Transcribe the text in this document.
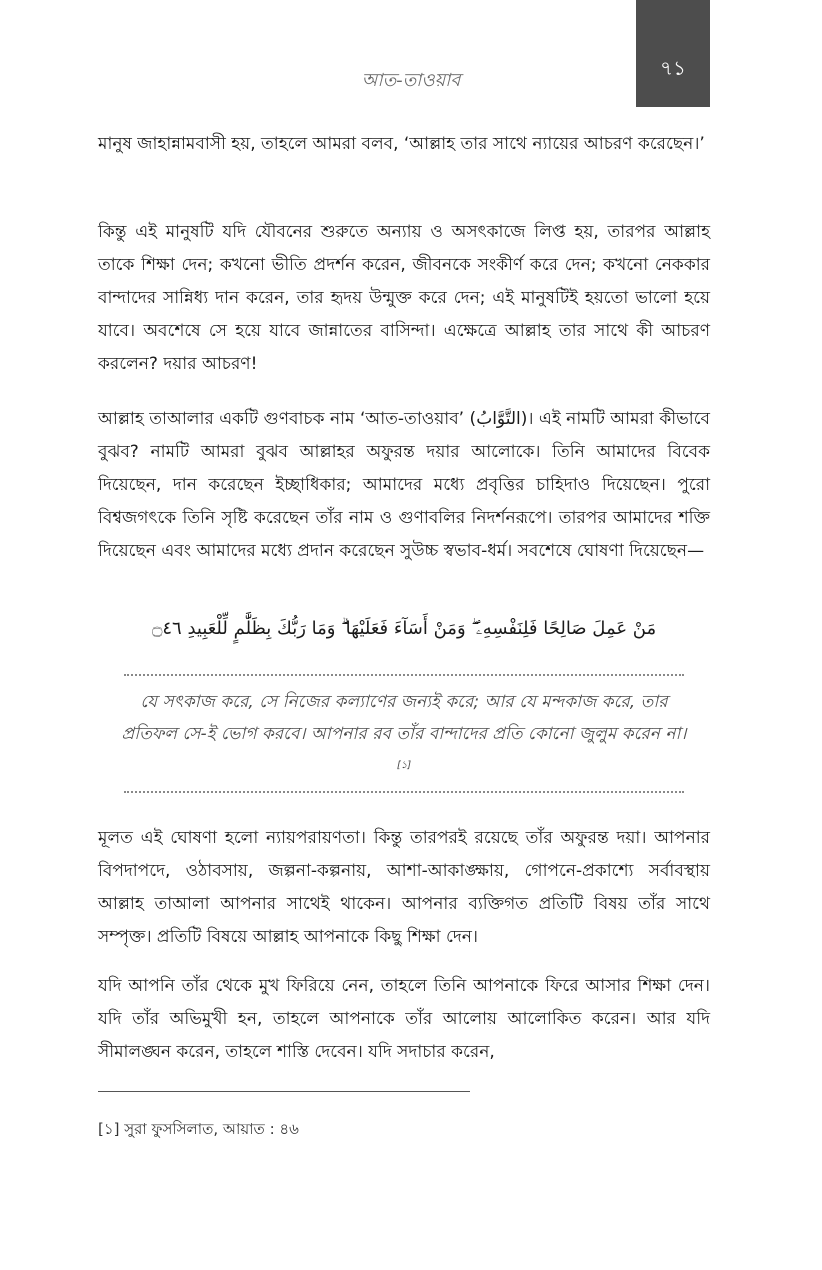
আত-তাওয়াব
৭১

মানুষ জাহান্নামবাসী হয়, তাহলে আমরা বলব, ‘আল্লাহ তার সাথে ন্যায়ের আচরণ করেছেন।’

কিন্তু এই মানুষটি যদি যৌবনের শুরুতে অন্যায় ও অসৎকাজে লিপ্ত হয়, তারপর আল্লাহ তাকে শিক্ষা দেন; কখনো ভীতি প্রদর্শন করেন, জীবনকে সংকীর্ণ করে দেন; কখনো নেককার বান্দাদের সান্নিধ্য দান করেন, তার হৃদয় উন্মুক্ত করে দেন; এই মানুষটিই হয়তো ভালো হয়ে যাবে। অবশেষে সে হয়ে যাবে জান্নাতের বাসিন্দা। এক্ষেত্রে আল্লাহ তার সাথে কী আচরণ করলেন? দয়ার আচরণ!

আল্লাহ তাআলার একটি গুণবাচক নাম ‘আত-তাওয়াব’ (التَّوَّابُ)। এই নামটি আমরা কীভাবে বুঝব? নামটি আমরা বুঝব আল্লাহর অফুরন্ত দয়ার আলোকে। তিনি আমাদের বিবেক দিয়েছেন, দান করেছেন ইচ্ছাধিকার; আমাদের মধ্যে প্রবৃত্তির চাহিদাও দিয়েছেন। পুরো বিশ্বজগৎকে তিনি সৃষ্টি করেছেন তাঁর নাম ও গুণাবলির নিদর্শনরূপে। তারপর আমাদের শক্তি দিয়েছেন এবং আমাদের মধ্যে প্রদান করেছেন সুউচ্চ স্বভাব-ধর্ম। সবশেষে ঘোষণা দিয়েছেন—

مَنْ عَمِلَ صَالِحًا فَلِنَفْسِهِۦ ۖ وَمَنْ أَسَآءَ فَعَلَيْهَا ۗ وَمَا رَبُّكَ بِظَلَّٰمٍ لِّلْعَبِيدِ ۝٤٦
যে সৎকাজ করে, সে নিজের কল্যাণের জন্যই করে; আর যে মন্দকাজ করে, তার প্রতিফল সে-ই ভোগ করবে। আপনার রব তাঁর বান্দাদের প্রতি কোনো জুলুম করেন না।[১]

মূলত এই ঘোষণা হলো ন্যায়পরায়ণতা। কিন্তু তারপরই রয়েছে তাঁর অফুরন্ত দয়া। আপনার বিপদাপদে, ওঠাবসায়, জল্পনা-কল্পনায়, আশা-আকাঙ্ক্ষায়, গোপনে-প্রকাশ্যে সর্বাবস্থায় আল্লাহ তাআলা আপনার সাথেই থাকেন। আপনার ব্যক্তিগত প্রতিটি বিষয় তাঁর সাথে সম্পৃক্ত। প্রতিটি বিষয়ে আল্লাহ আপনাকে কিছু শিক্ষা দেন।

যদি আপনি তাঁর থেকে মুখ ফিরিয়ে নেন, তাহলে তিনি আপনাকে ফিরে আসার শিক্ষা দেন। যদি তাঁর অভিমুখী হন, তাহলে আপনাকে তাঁর আলোয় আলোকিত করেন। আর যদি সীমালঙ্ঘন করেন, তাহলে শাস্তি দেবেন। যদি সদাচার করেন,

[১] সুরা ফুসসিলাত, আয়াত : ৪৬
